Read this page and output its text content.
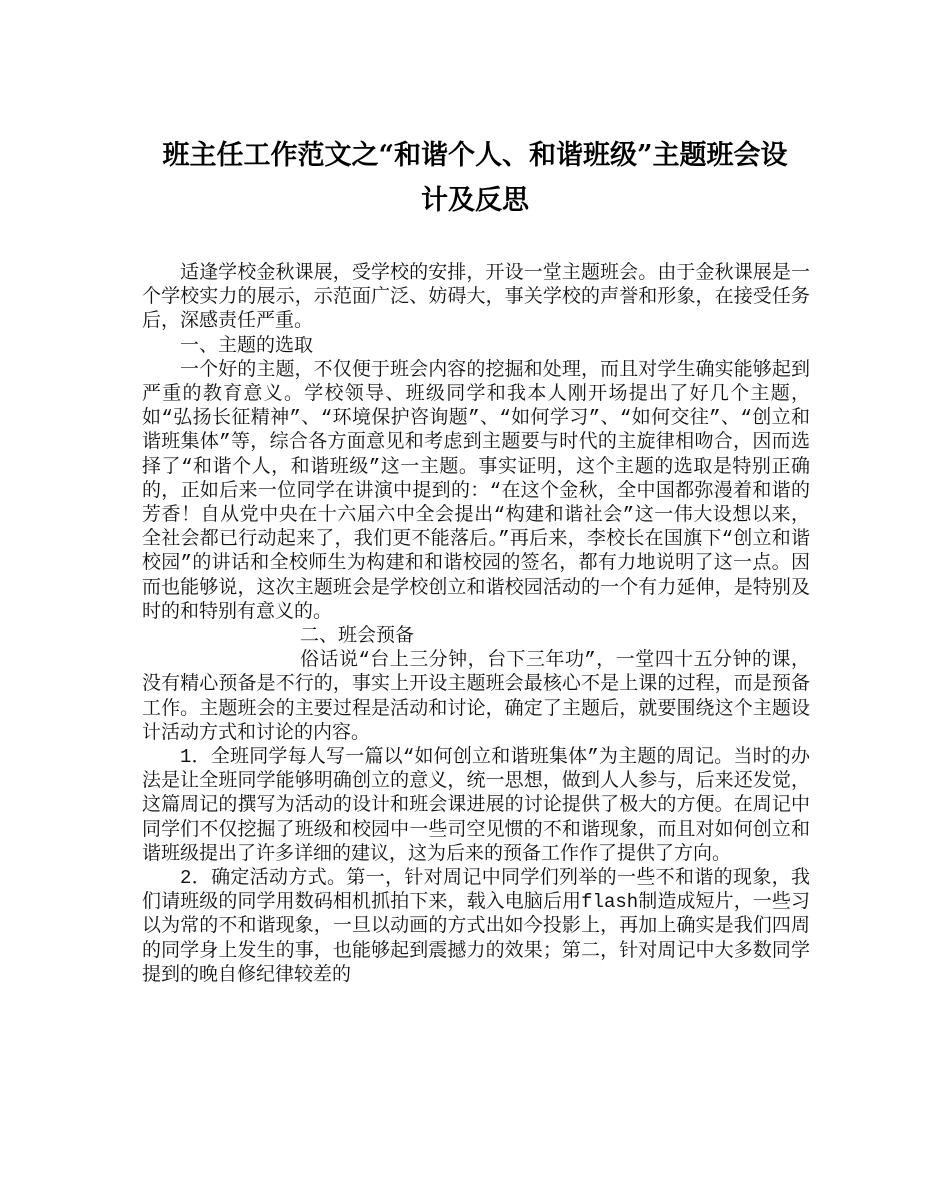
班主任工作范文之“和谐个人、和谐班级”主题班会设
计及反思

适逢学校金秋课展，受学校的安排，开设一堂主题班会。由于金秋课展是一个学校实力的展示，示范面广泛、妨碍大，事关学校的声誉和形象，在接受任务后，深感责任严重。

一、主题的选取

一个好的主题，不仅便于班会内容的挖掘和处理，而且对学生确实能够起到严重的教育意义。学校领导、班级同学和我本人刚开场提出了好几个主题，如“弘扬长征精神”、“环境保护咨询题”、“如何学习”、“如何交往”、“创立和谐班集体”等，综合各方面意见和考虑到主题要与时代的主旋律相吻合，因而选择了“和谐个人，和谐班级”这一主题。事实证明，这个主题的选取是特别正确的，正如后来一位同学在讲演中提到的：“在这个金秋，全中国都弥漫着和谐的芳香！自从党中央在十六届六中全会提出“构建和谐社会”这一伟大设想以来，全社会都已行动起来了，我们更不能落后。”再后来，李校长在国旗下“创立和谐校园”的讲话和全校师生为构建和和谐校园的签名，都有力地说明了这一点。因而也能够说，这次主题班会是学校创立和谐校园活动的一个有力延伸，是特别及时的和特别有意义的。

二、班会预备

俗话说“台上三分钟，台下三年功”，一堂四十五分钟的课，没有精心预备是不行的，事实上开设主题班会最核心不是上课的过程，而是预备工作。主题班会的主要过程是活动和讨论，确定了主题后，就要围绕这个主题设计活动方式和讨论的内容。

1．全班同学每人写一篇以“如何创立和谐班集体”为主题的周记。当时的办法是让全班同学能够明确创立的意义，统一思想，做到人人参与，后来还发觉，这篇周记的撰写为活动的设计和班会课进展的讨论提供了极大的方便。在周记中同学们不仅挖掘了班级和校园中一些司空见惯的不和谐现象，而且对如何创立和谐班级提出了许多详细的建议，这为后来的预备工作作了提供了方向。

2．确定活动方式。第一，针对周记中同学们列举的一些不和谐的现象，我们请班级的同学用数码相机抓拍下来，载入电脑后用flash制造成短片，一些习以为常的不和谐现象，一旦以动画的方式出如今投影上，再加上确实是我们四周的同学身上发生的事，也能够起到震撼力的效果；第二，针对周记中大多数同学提到的晚自修纪律较差的
